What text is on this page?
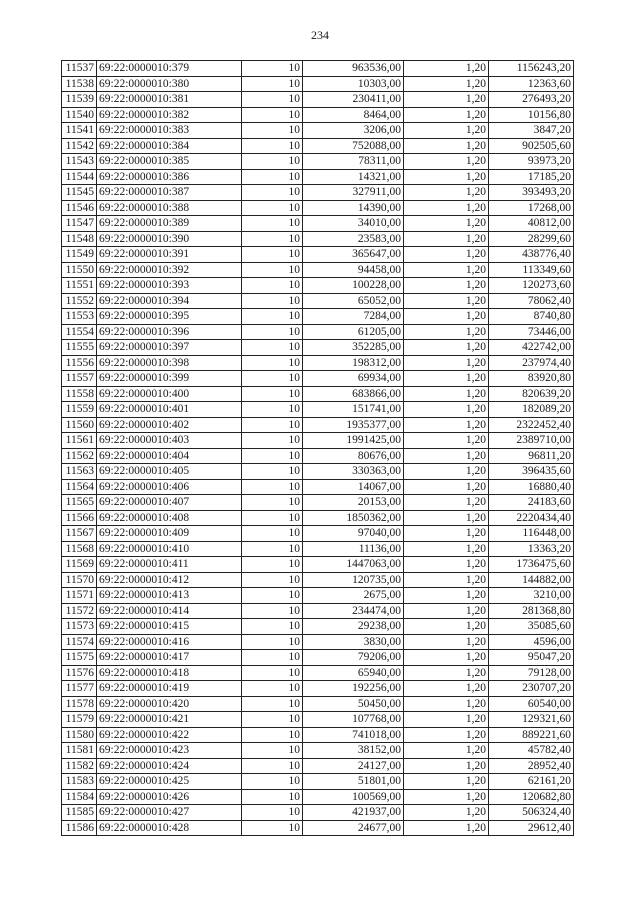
234
11537	69:22:0000010:379	10	963536,00	1,20	1156243,20
11538	69:22:0000010:380	10	10303,00	1,20	12363,60
11539	69:22:0000010:381	10	230411,00	1,20	276493,20
11540	69:22:0000010:382	10	8464,00	1,20	10156,80
11541	69:22:0000010:383	10	3206,00	1,20	3847,20
11542	69:22:0000010:384	10	752088,00	1,20	902505,60
11543	69:22:0000010:385	10	78311,00	1,20	93973,20
11544	69:22:0000010:386	10	14321,00	1,20	17185,20
11545	69:22:0000010:387	10	327911,00	1,20	393493,20
11546	69:22:0000010:388	10	14390,00	1,20	17268,00
11547	69:22:0000010:389	10	34010,00	1,20	40812,00
11548	69:22:0000010:390	10	23583,00	1,20	28299,60
11549	69:22:0000010:391	10	365647,00	1,20	438776,40
11550	69:22:0000010:392	10	94458,00	1,20	113349,60
11551	69:22:0000010:393	10	100228,00	1,20	120273,60
11552	69:22:0000010:394	10	65052,00	1,20	78062,40
11553	69:22:0000010:395	10	7284,00	1,20	8740,80
11554	69:22:0000010:396	10	61205,00	1,20	73446,00
11555	69:22:0000010:397	10	352285,00	1,20	422742,00
11556	69:22:0000010:398	10	198312,00	1,20	237974,40
11557	69:22:0000010:399	10	69934,00	1,20	83920,80
11558	69:22:0000010:400	10	683866,00	1,20	820639,20
11559	69:22:0000010:401	10	151741,00	1,20	182089,20
11560	69:22:0000010:402	10	1935377,00	1,20	2322452,40
11561	69:22:0000010:403	10	1991425,00	1,20	2389710,00
11562	69:22:0000010:404	10	80676,00	1,20	96811,20
11563	69:22:0000010:405	10	330363,00	1,20	396435,60
11564	69:22:0000010:406	10	14067,00	1,20	16880,40
11565	69:22:0000010:407	10	20153,00	1,20	24183,60
11566	69:22:0000010:408	10	1850362,00	1,20	2220434,40
11567	69:22:0000010:409	10	97040,00	1,20	116448,00
11568	69:22:0000010:410	10	11136,00	1,20	13363,20
11569	69:22:0000010:411	10	1447063,00	1,20	1736475,60
11570	69:22:0000010:412	10	120735,00	1,20	144882,00
11571	69:22:0000010:413	10	2675,00	1,20	3210,00
11572	69:22:0000010:414	10	234474,00	1,20	281368,80
11573	69:22:0000010:415	10	29238,00	1,20	35085,60
11574	69:22:0000010:416	10	3830,00	1,20	4596,00
11575	69:22:0000010:417	10	79206,00	1,20	95047,20
11576	69:22:0000010:418	10	65940,00	1,20	79128,00
11577	69:22:0000010:419	10	192256,00	1,20	230707,20
11578	69:22:0000010:420	10	50450,00	1,20	60540,00
11579	69:22:0000010:421	10	107768,00	1,20	129321,60
11580	69:22:0000010:422	10	741018,00	1,20	889221,60
11581	69:22:0000010:423	10	38152,00	1,20	45782,40
11582	69:22:0000010:424	10	24127,00	1,20	28952,40
11583	69:22:0000010:425	10	51801,00	1,20	62161,20
11584	69:22:0000010:426	10	100569,00	1,20	120682,80
11585	69:22:0000010:427	10	421937,00	1,20	506324,40
11586	69:22:0000010:428	10	24677,00	1,20	29612,40
